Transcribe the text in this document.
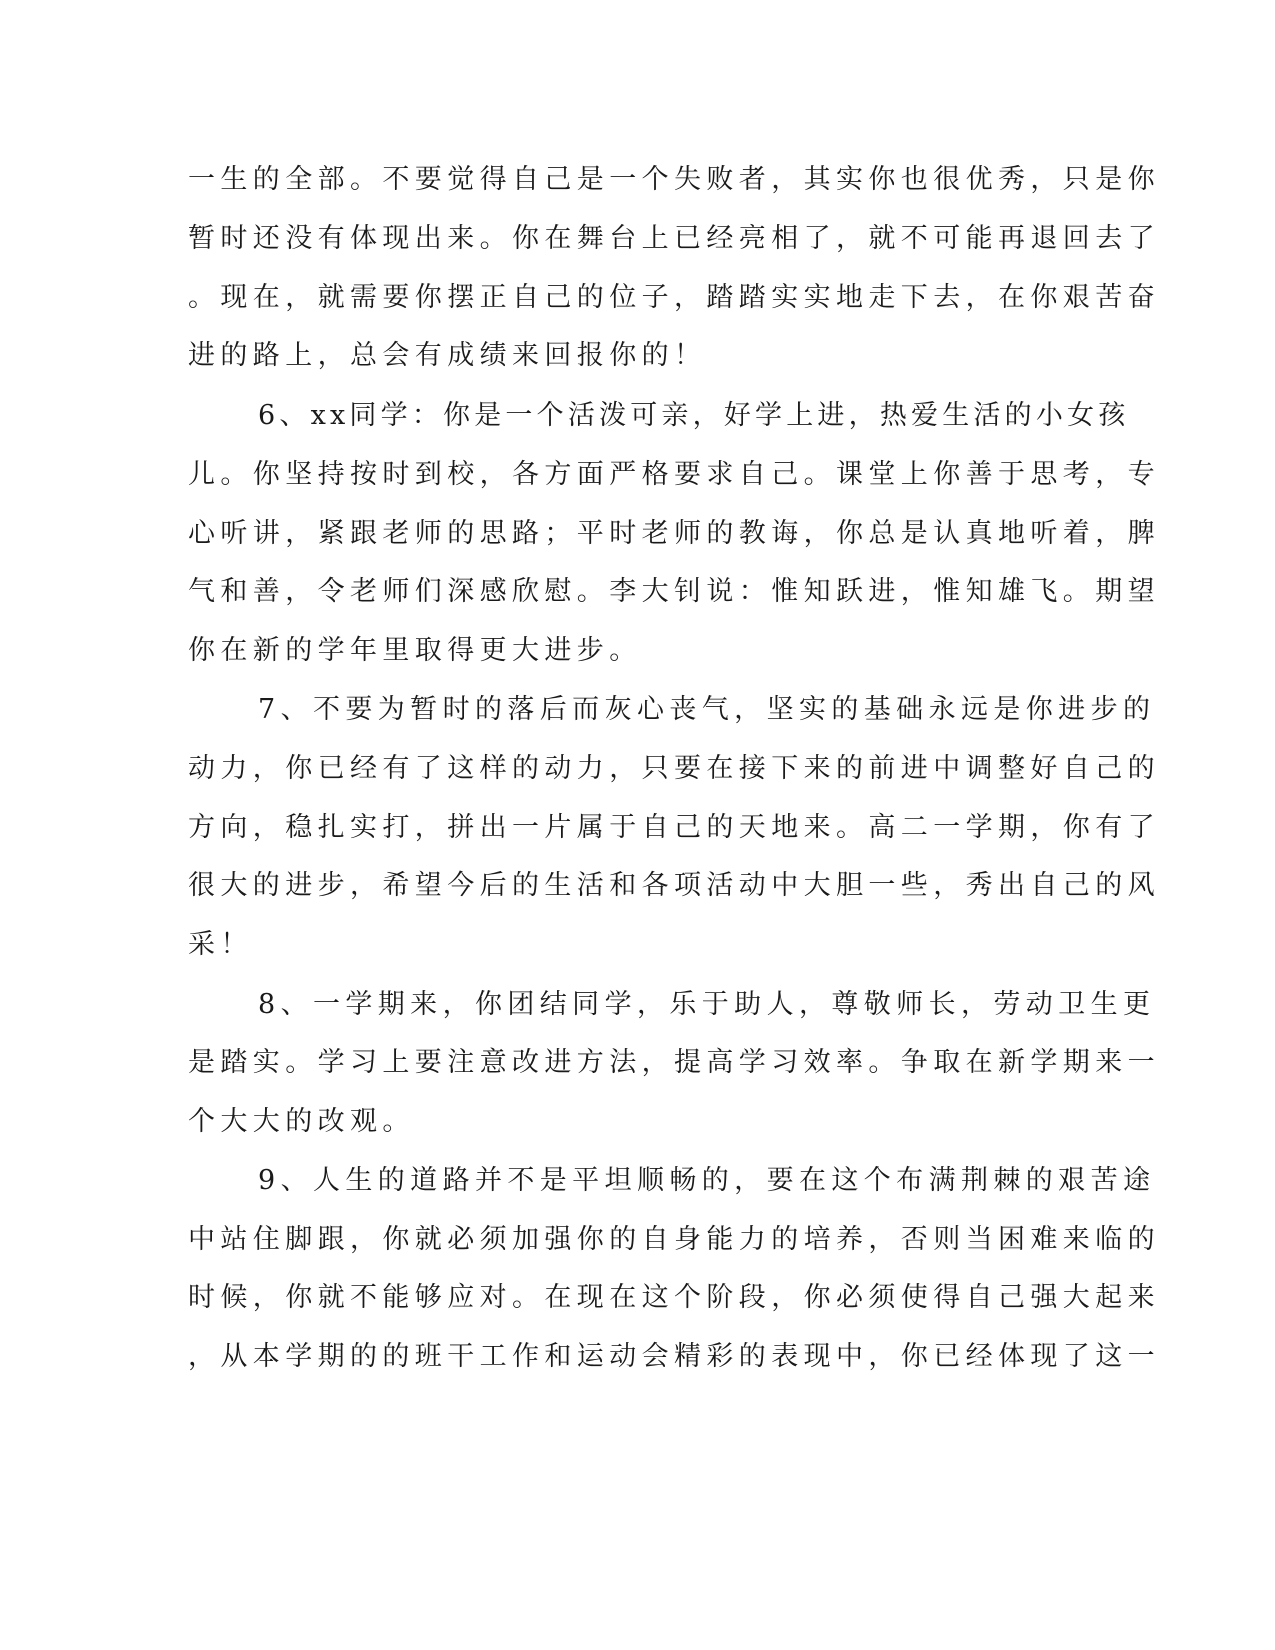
一生的全部。不要觉得自己是一个失败者，其实你也很优秀，只是你
暂时还没有体现出来。你在舞台上已经亮相了，就不可能再退回去了
。现在，就需要你摆正自己的位子，踏踏实实地走下去，在你艰苦奋
进的路上，总会有成绩来回报你的！
6、xx同学：你是一个活泼可亲，好学上进，热爱生活的小女孩
儿。你坚持按时到校，各方面严格要求自己。课堂上你善于思考，专
心听讲，紧跟老师的思路；平时老师的教诲，你总是认真地听着，脾
气和善，令老师们深感欣慰。李大钊说：惟知跃进，惟知雄飞。期望
你在新的学年里取得更大进步。
7、不要为暂时的落后而灰心丧气，坚实的基础永远是你进步的
动力，你已经有了这样的动力，只要在接下来的前进中调整好自己的
方向，稳扎实打，拼出一片属于自己的天地来。高二一学期，你有了
很大的进步，希望今后的生活和各项活动中大胆一些，秀出自己的风
采！
8、一学期来，你团结同学，乐于助人，尊敬师长，劳动卫生更
是踏实。学习上要注意改进方法，提高学习效率。争取在新学期来一
个大大的改观。
9、人生的道路并不是平坦顺畅的，要在这个布满荆棘的艰苦途
中站住脚跟，你就必须加强你的自身能力的培养，否则当困难来临的
时候，你就不能够应对。在现在这个阶段，你必须使得自己强大起来
，从本学期的的班干工作和运动会精彩的表现中，你已经体现了这一
